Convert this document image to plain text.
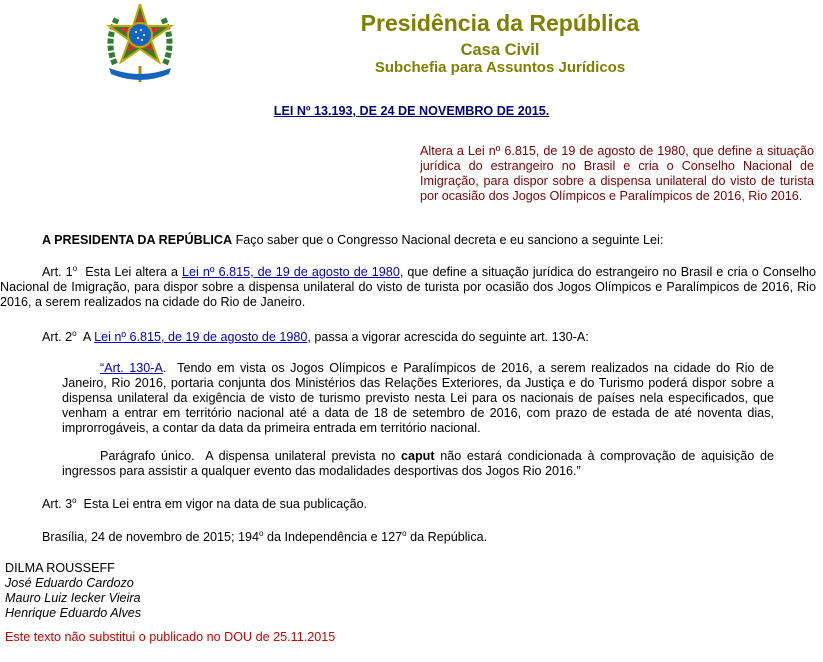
Presidência da República
Casa Civil
Subchefia para Assuntos Jurídicos
LEI Nº 13.193, DE 24 DE NOVEMBRO DE 2015.
Altera a Lei nº 6.815, de 19 de agosto de 1980, que define a situação jurídica do estrangeiro no Brasil e cria o Conselho Nacional de Imigração, para dispor sobre a dispensa unilateral do visto de turista por ocasião dos Jogos Olímpicos e Paralímpicos de 2016, Rio 2016.
A PRESIDENTA DA REPÚBLICA Faço saber que o Congresso Nacional decreta e eu sanciono a seguinte Lei:
Art. 1$^o$  Esta Lei altera a Lei nº 6.815, de 19 de agosto de 1980, que define a situação jurídica do estrangeiro no Brasil e cria o Conselho Nacional de Imigração, para dispor sobre a dispensa unilateral do visto de turista por ocasião dos Jogos Olímpicos e Paralímpicos de 2016, Rio 2016, a serem realizados na cidade do Rio de Janeiro.
Art. 2$^o$  A Lei nº 6.815, de 19 de agosto de 1980, passa a vigorar acrescida do seguinte art. 130-A:
“Art. 130-A.  Tendo em vista os Jogos Olímpicos e Paralímpicos de 2016, a serem realizados na cidade do Rio de Janeiro, Rio 2016, portaria conjunta dos Ministérios das Relações Exteriores, da Justiça e do Turismo poderá dispor sobre a dispensa unilateral da exigência de visto de turismo previsto nesta Lei para os nacionais de países nela especificados, que venham a entrar em território nacional até a data de 18 de setembro de 2016, com prazo de estada de até noventa dias, improrrogáveis, a contar da data da primeira entrada em território nacional.
Parágrafo único.  A dispensa unilateral prevista no caput não estará condicionada à comprovação de aquisição de ingressos para assistir a qualquer evento das modalidades desportivas dos Jogos Rio 2016.”
Art. 3$^o$  Esta Lei entra em vigor na data de sua publicação.
Brasília, 24 de novembro de 2015; 194$^o$ da Independência e 127$^o$ da República.
DILMA ROUSSEFF
José Eduardo Cardozo
Mauro Luiz Iecker Vieira
Henrique Eduardo Alves
Este texto não substitui o publicado no DOU de 25.11.2015
